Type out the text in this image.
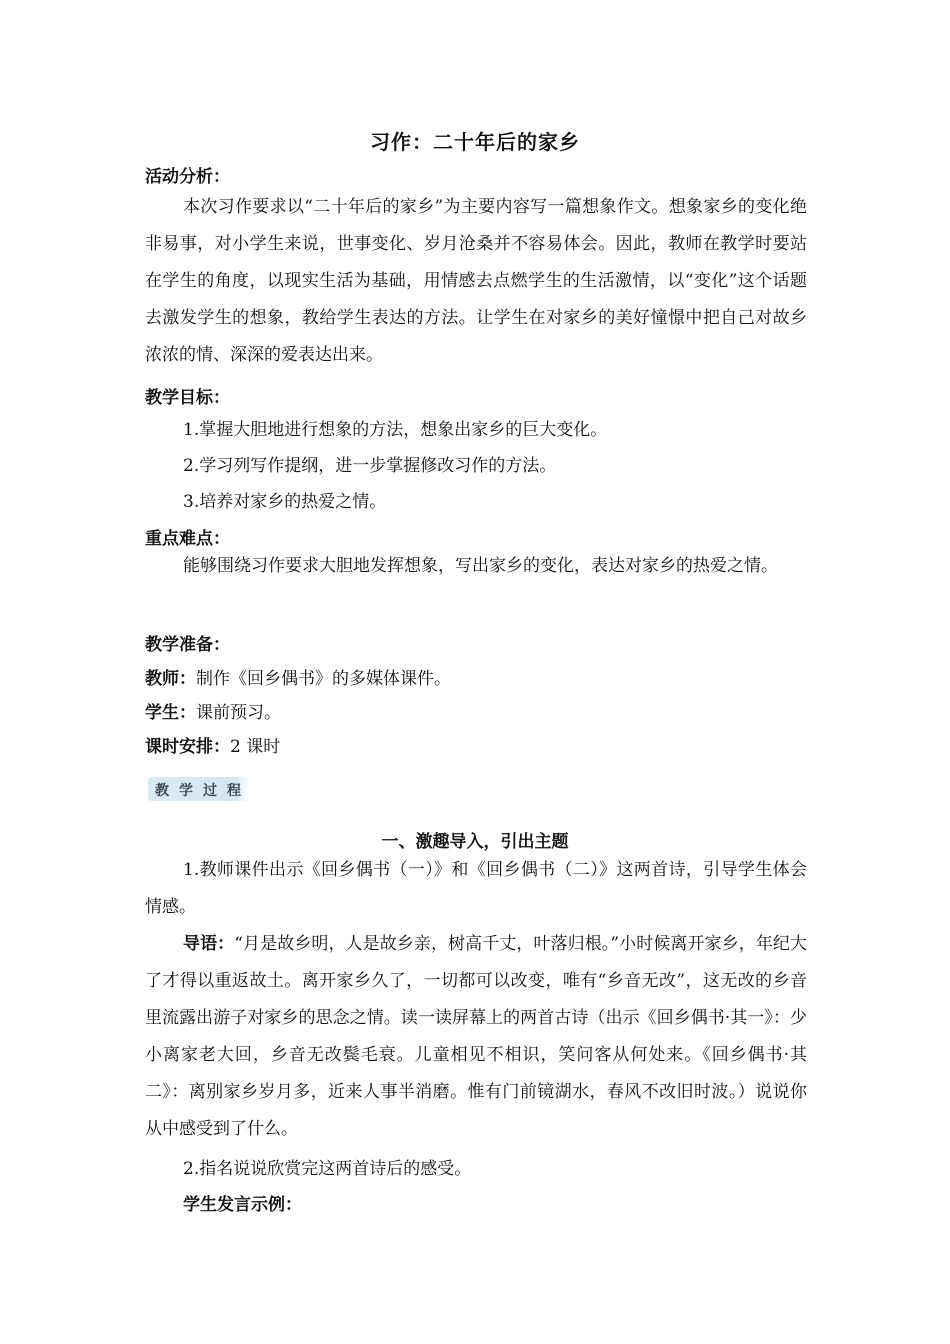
习作：二十年后的家乡
活动分析：
本次习作要求以“二十年后的家乡”为主要内容写一篇想象作文。想象家乡的变化绝非易事，对小学生来说，世事变化、岁月沧桑并不容易体会。因此，教师在教学时要站在学生的角度，以现实生活为基础，用情感去点燃学生的生活激情，以“变化”这个话题去激发学生的想象，教给学生表达的方法。让学生在对家乡的美好憧憬中把自己对故乡浓浓的情、深深的爱表达出来。
教学目标：
1.掌握大胆地进行想象的方法，想象出家乡的巨大变化。
2.学习列写作提纲，进一步掌握修改习作的方法。
3.培养对家乡的热爱之情。
重点难点：
能够围绕习作要求大胆地发挥想象，写出家乡的变化，表达对家乡的热爱之情。
教学准备：
教师：制作《回乡偶书》的多媒体课件。
学生：课前预习。
课时安排：2 课时
教 学 过 程
一、激趣导入，引出主题
1.教师课件出示《回乡偶书（一）》和《回乡偶书（二）》这两首诗，引导学生体会情感。
导语：“月是故乡明，人是故乡亲，树高千丈，叶落归根。”小时候离开家乡，年纪大了才得以重返故土。离开家乡久了，一切都可以改变，唯有“乡音无改”，这无改的乡音里流露出游子对家乡的思念之情。读一读屏幕上的两首古诗（出示《回乡偶书·其一》：少小离家老大回，乡音无改鬓毛衰。儿童相见不相识，笑问客从何处来。《回乡偶书·其二》：离别家乡岁月多，近来人事半消磨。惟有门前镜湖水，春风不改旧时波。）说说你从中感受到了什么。
2.指名说说欣赏完这两首诗后的感受。
学生发言示例：
